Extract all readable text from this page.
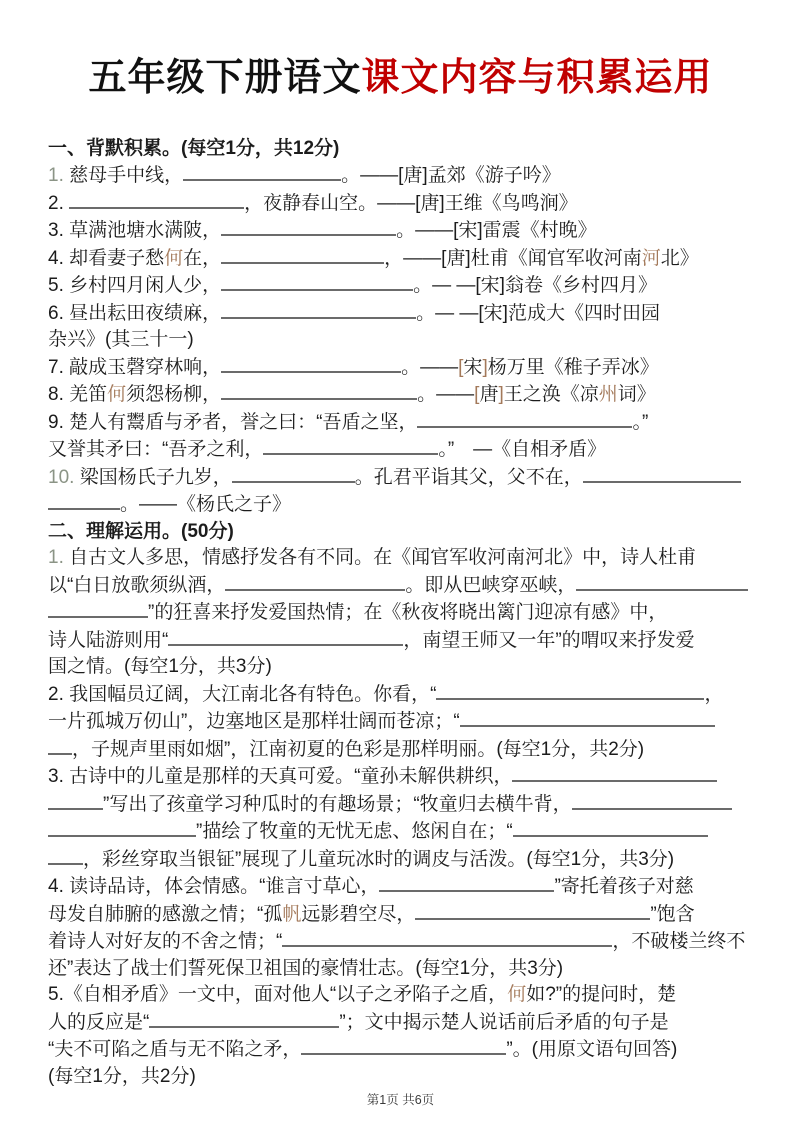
五年级下册语文课文内容与积累运用

一、背默积累。(每空1分，共12分)

1. 慈母手中线，	。——[唐]孟郊《游子吟》

2.	，夜静春山空。——[唐]王维《鸟鸣涧》

3. 草满池塘水满陂，	。——[宋]雷震《村晚》

4. 却看妻子愁何在，	，——[唐]杜甫《闻官军收河南河北》

5. 乡村四月闲人少，	。— —[宋]翁卷《乡村四月》

6. 昼出耘田夜绩麻，	。— —[宋]范成大《四时田园
杂兴》(其三十一)

7. 敲成玉磬穿林响，	。——[宋]杨万里《稚子弄冰》

8. 羌笛何须怨杨柳，	。——[唐]王之涣《凉州词》

9. 楚人有鬻盾与矛者，誉之曰：“吾盾之坚，	。”
又誉其矛曰：“吾矛之利，	。”　—《自相矛盾》

10. 梁国杨氏子九岁，	。孔君平诣其父，父不在，
。——《杨氏之子》

二、理解运用。(50分)

1. 自古文人多思，情感抒发各有不同。在《闻官军收河南河北》中，诗人杜甫
以“白日放歌须纵酒，	。即从巴峡穿巫峡，
”的狂喜来抒发爱国热情；在《秋夜将晓出篱门迎凉有感》中，
诗人陆游则用“	，南望王师又一年”的喟叹来抒发爱
国之情。(每空1分，共3分)

2. 我国幅员辽阔，大江南北各有特色。你看，“	，
一片孤城万仞山”，边塞地区是那样壮阔而苍凉；“
，子规声里雨如烟”，江南初夏的色彩是那样明丽。(每空1分，共2分)

3. 古诗中的儿童是那样的天真可爱。“童孙未解供耕织，
”写出了孩童学习种瓜时的有趣场景；“牧童归去横牛背，
”描绘了牧童的无忧无虑、悠闲自在；“
，彩丝穿取当银钲”展现了儿童玩冰时的调皮与活泼。(每空1分，共3分)

4. 读诗品诗，体会情感。“谁言寸草心，	”寄托着孩子对慈
母发自肺腑的感激之情；“孤帆远影碧空尽，	”饱含
着诗人对好友的不舍之情；“	，不破楼兰终不
还”表达了战士们誓死保卫祖国的豪情壮志。(每空1分，共3分)

5.《自相矛盾》一文中，面对他人“以子之矛陷子之盾，何如?”的提问时，楚
人的反应是“	”；文中揭示楚人说话前后矛盾的句子是
“夫不可陷之盾与无不陷之矛，	”。(用原文语句回答)
(每空1分，共2分)

第1页 共6页
